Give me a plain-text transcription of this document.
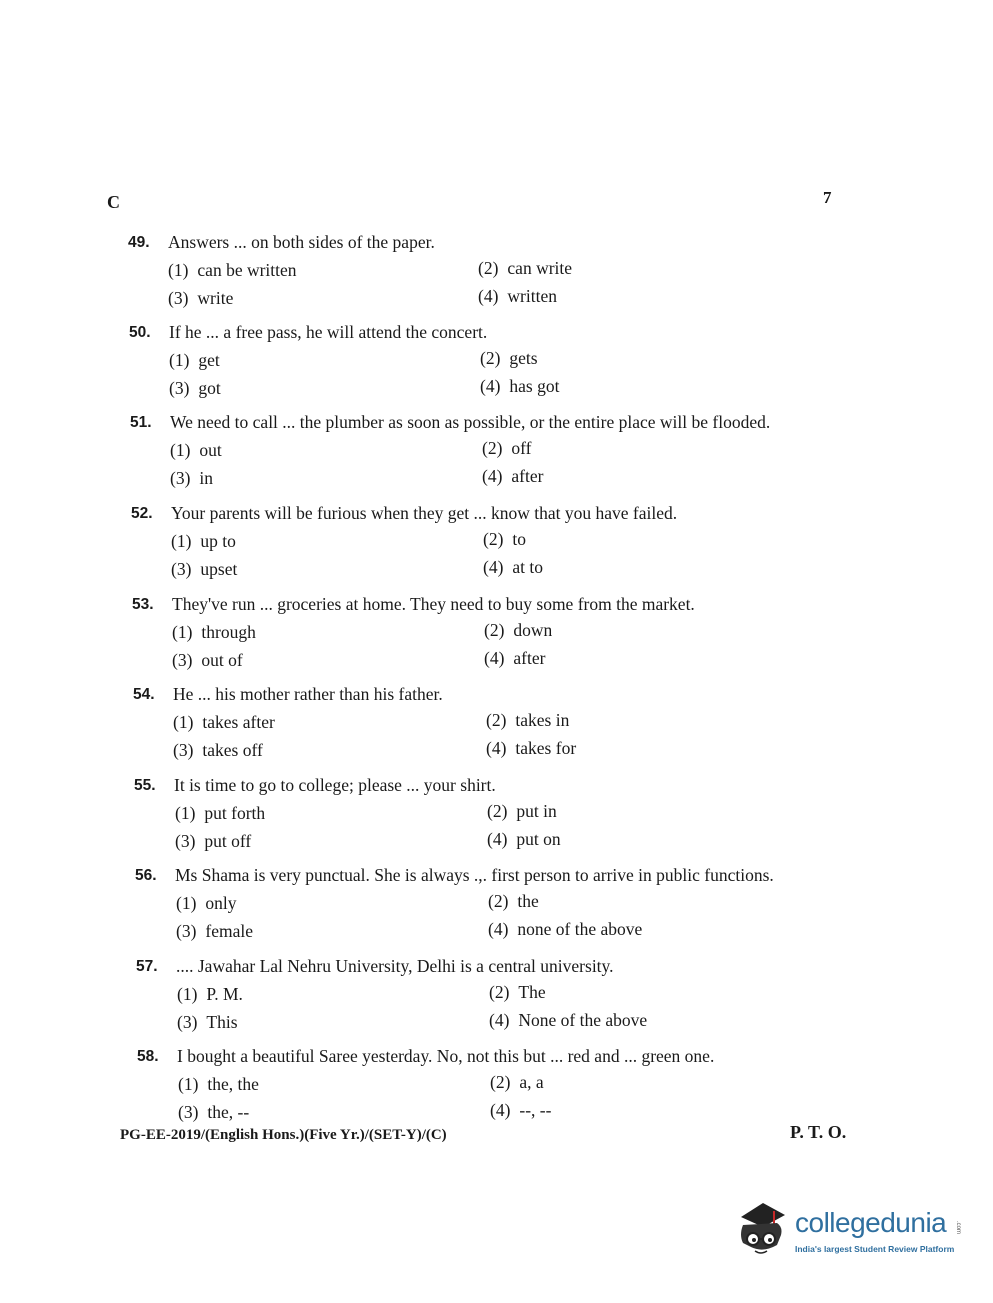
C	7
49. Answers ... on both sides of the paper.
(1) can be written	(2) can write
(3) write	(4) written
50. If he ... a free pass, he will attend the concert.
(1) get	(2) gets
(3) got	(4) has got
51. We need to call ... the plumber as soon as possible, or the entire place will be flooded.
(1) out	(2) off
(3) in	(4) after
52. Your parents will be furious when they get ... know that you have failed.
(1) up to	(2) to
(3) upset	(4) at to
53. They've run ... groceries at home. They need to buy some from the market.
(1) through	(2) down
(3) out of	(4) after
54. He ... his mother rather than his father.
(1) takes after	(2) takes in
(3) takes off	(4) takes for
55. It is time to go to college; please ... your shirt.
(1) put forth	(2) put in
(3) put off	(4) put on
56. Ms Shama is very punctual. She is always .,. first person to arrive in public functions.
(1) only	(2) the
(3) female	(4) none of the above
57. .... Jawahar Lal Nehru University, Delhi is a central university.
(1) P. M.	(2) The
(3) This	(4) None of the above
58. I bought a beautiful Saree yesterday. No, not this but ... red and ... green one.
(1) the, the	(2) a, a
(3) the, --	(4) --, --
PG-EE-2019/(English Hons.)(Five Yr.)/(SET-Y)/(C)	P. T. O.
collegedunia .com
India's largest Student Review Platform
